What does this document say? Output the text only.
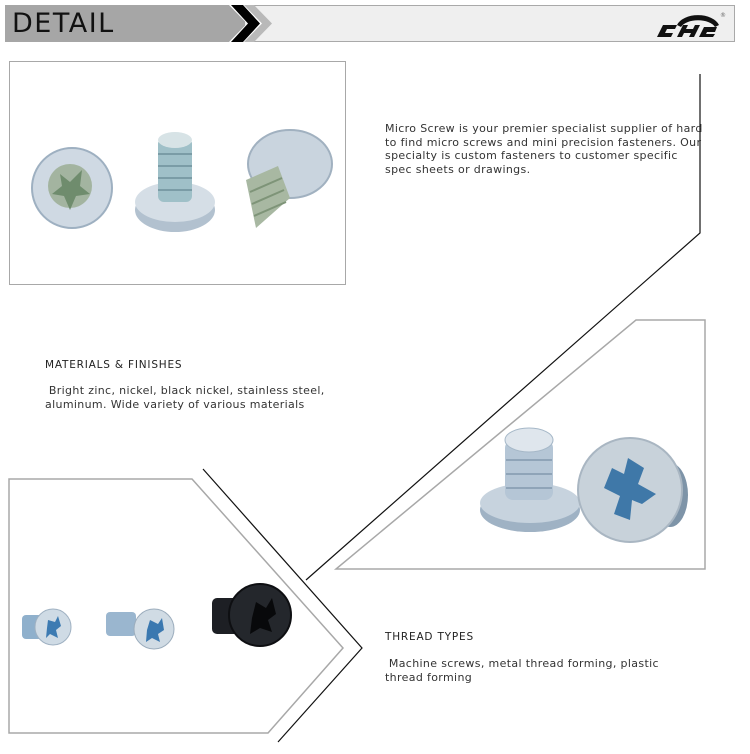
DETAIL	®
Micro Screw is your premier specialist supplier of hard to find micro screws and mini precision fasteners. Our specialty is custom fasteners to customer specific spec sheets or drawings.
MATERIALS & FINISHES
Bright zinc, nickel, black nickel, stainless steel, aluminum. Wide variety of various materials
THREAD TYPES
Machine screws, metal thread forming, plastic thread forming
